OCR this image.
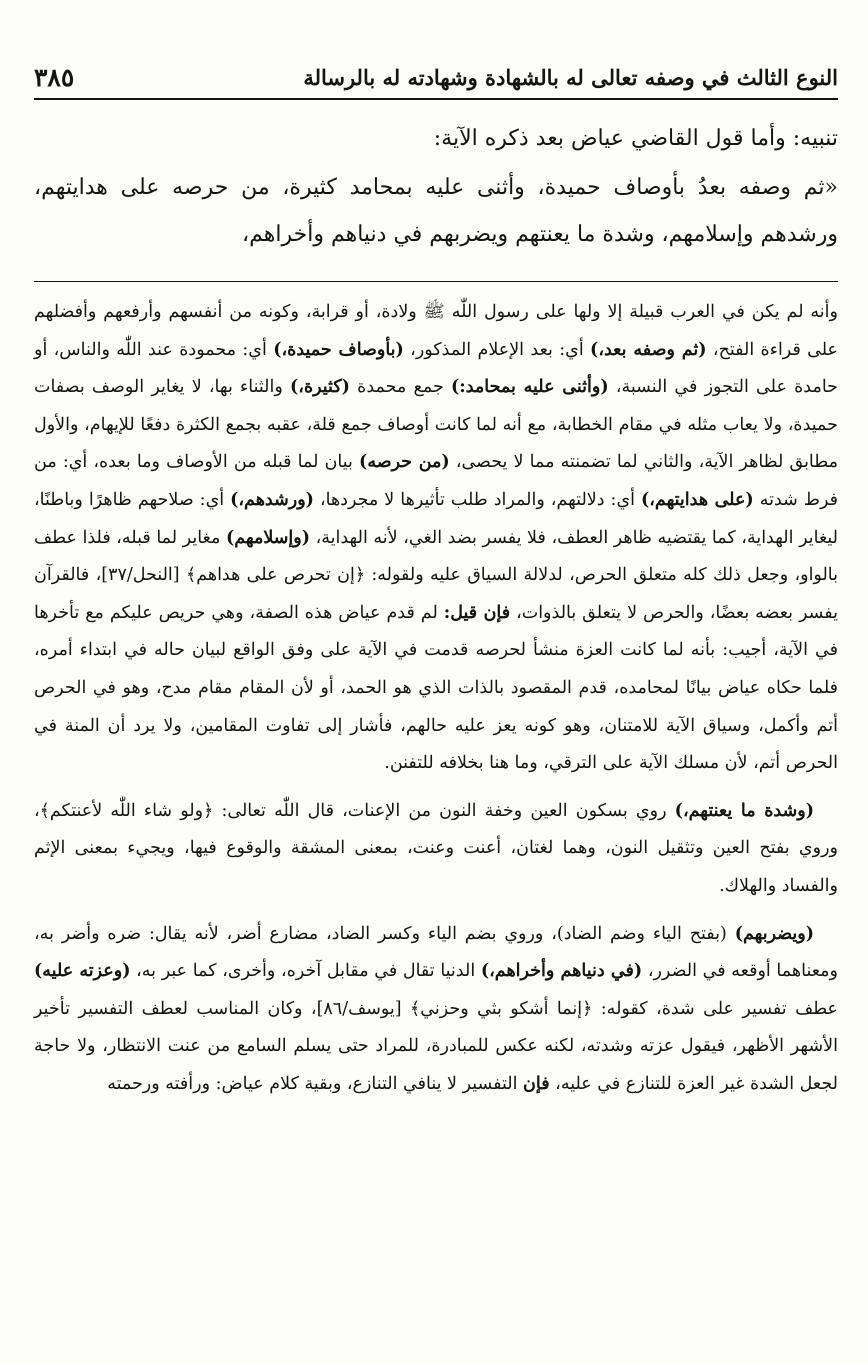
النوع الثالث في وصفه تعالى له بالشهادة وشهادته له بالرسالة
٣٨٥

تنبيه: وأما قول القاضي عياض بعد ذكره الآية:

«ثم وصفه بعدُ بأوصاف حميدة، وأثنى عليه بمحامد كثيرة، من حرصه على هدايتهم، ورشدهم وإسلامهم، وشدة ما يعنتهم ويضربهم في دنياهم وأخراهم،

وأنه لم يكن في العرب قبيلة إلا ولها على رسول اللّٰه ﷺ ولادة، أو قرابة، وكونه من أنفسهم وأرفعهم وأفضلهم على قراءة الفتح، (ثم وصفه بعد،) أي: بعد الإعلام المذكور، (بأوصاف حميدة،) أي: محمودة عند اللّٰه والناس، أو حامدة على التجوز في النسبة، (وأثنى عليه بمحامد:) جمع محمدة (كثيرة،) والثناء بها، لا يغاير الوصف بصفات حميدة، ولا يعاب مثله في مقام الخطابة، مع أنه لما كانت أوصاف جمع قلة، عقبه بجمع الكثرة دفعًا للإيهام، والأول مطابق لظاهر الآية، والثاني لما تضمنته مما لا يحصى، (من حرصه) بيان لما قبله من الأوصاف وما بعده، أي: من فرط شدته (على هدايتهم،) أي: دلالتهم، والمراد طلب تأثيرها لا مجردها، (ورشدهم،) أي: صلاحهم ظاهرًا وباطنًا، ليغاير الهداية، كما يقتضيه ظاهر العطف، فلا يفسر بضد الغي، لأنه الهداية، (وإسلامهم) مغاير لما قبله، فلذا عطف بالواو، وجعل ذلك كله متعلق الحرص، لدلالة السياق عليه ولقوله: ﴿إن تحرص على هداهم﴾ [النحل/٣٧]، فالقرآن يفسر بعضه بعضًا، والحرص لا يتعلق بالذوات، فإن قيل: لم قدم عياض هذه الصفة، وهي حريص عليكم مع تأخرها في الآية، أجيب: بأنه لما كانت العزة منشأ لحرصه قدمت في الآية على وفق الواقع لبيان حاله في ابتداء أمره، فلما حكاه عياض بيانًا لمحامده، قدم المقصود بالذات الذي هو الحمد، أو لأن المقام مقام مدح، وهو في الحرص أتم وأكمل، وسياق الآية للامتنان، وهو كونه يعز عليه حالهم، فأشار إلى تفاوت المقامين، ولا يرد أن المنة في الحرص أتم، لأن مسلك الآية على الترقي، وما هنا بخلافه للتفنن.

(وشدة ما يعنتهم،) روي بسكون العين وخفة النون من الإعنات، قال اللّٰه تعالى: ﴿ولو شاء اللّٰه لأعنتكم﴾، وروي بفتح العين وتثقيل النون، وهما لغتان، أعنت وعنت، بمعنى المشقة والوقوع فيها، ويجيء بمعنى الإثم والفساد والهلاك.

(ويضربهم) (بفتح الياء وضم الضاد)، وروي بضم الياء وكسر الضاد، مضارع أضر، لأنه يقال: ضره وأضر به، ومعناهما أوقعه في الضرر، (في دنياهم وأخراهم،) الدنيا تقال في مقابل آخره، وأخرى، كما عبر به، (وعزته عليه) عطف تفسير على شدة، كقوله: ﴿إنما أشكو بثي وحزني﴾ [يوسف/٨٦]، وكان المناسب لعطف التفسير تأخير الأشهر الأظهر، فيقول عزته وشدته، لكنه عكس للمبادرة، للمراد حتى يسلم السامع من عنت الانتظار، ولا حاجة لجعل الشدة غير العزة للتنازع في عليه، فإن التفسير لا ينافي التنازع، وبقية كلام عياض: ورأفته ورحمته
